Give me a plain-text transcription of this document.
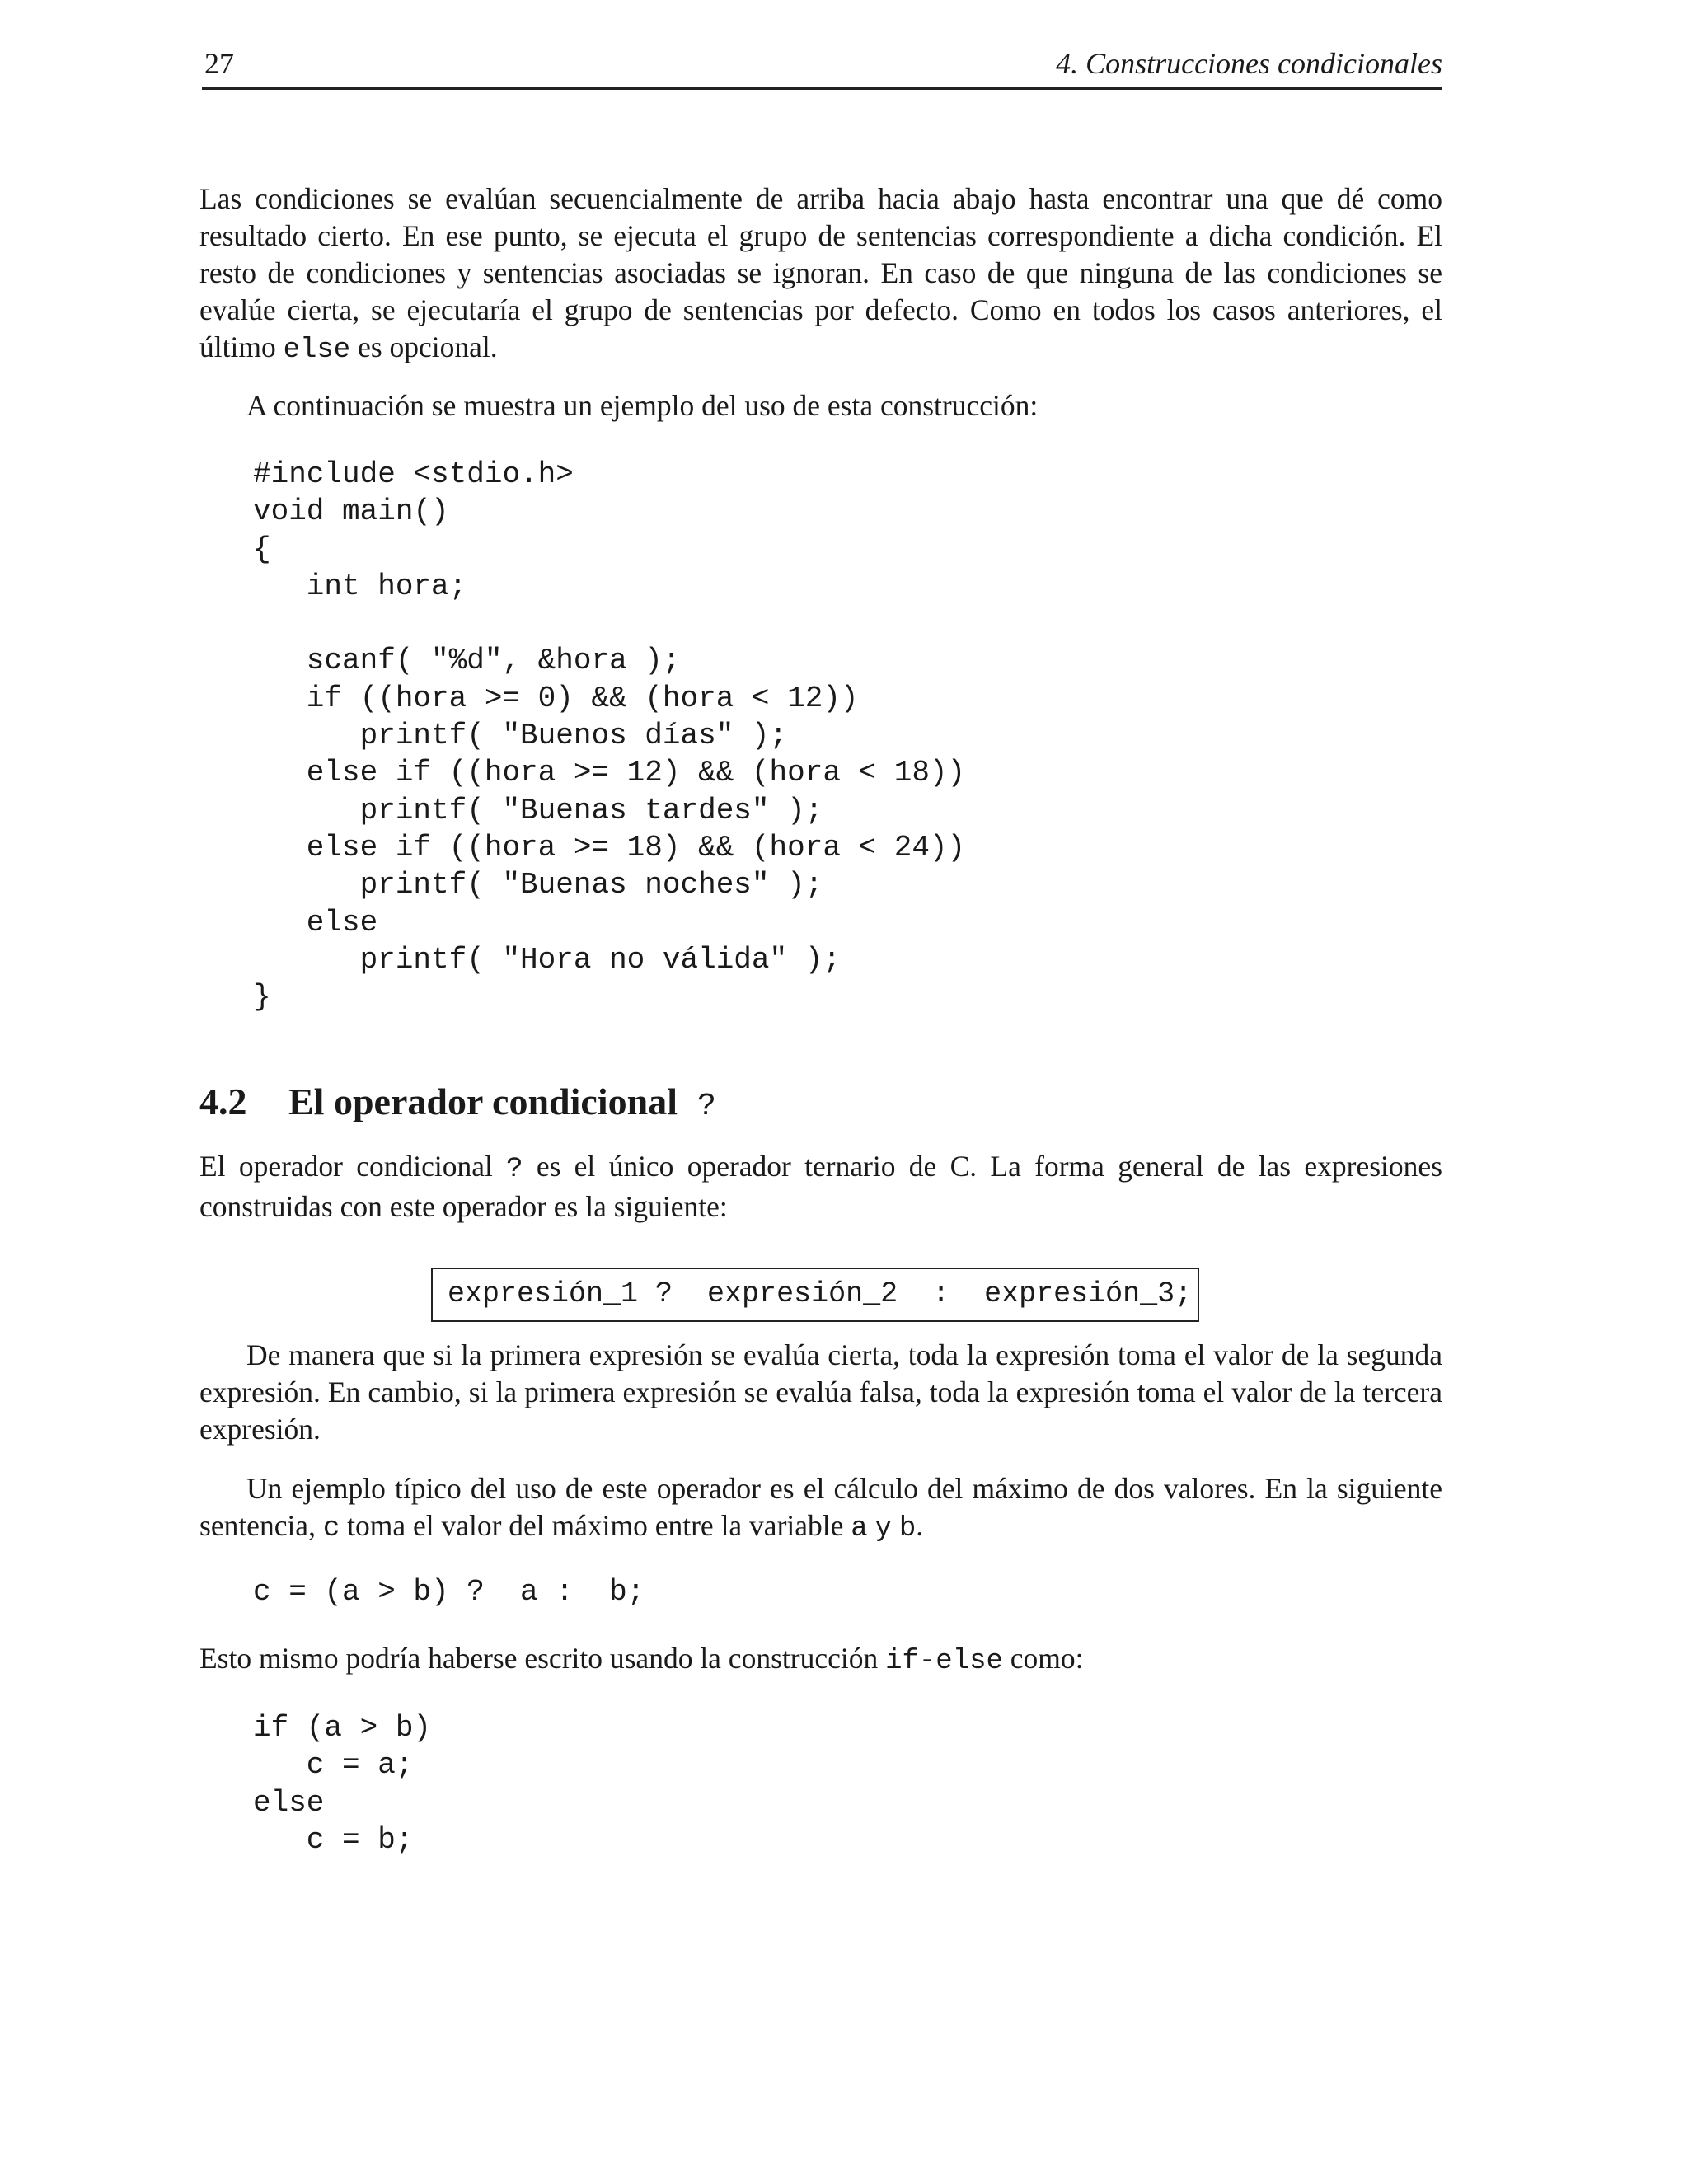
27	4. Construcciones condicionales

Las condiciones se evalúan secuencialmente de arriba hacia abajo hasta encontrar una que dé como resultado cierto. En ese punto, se ejecuta el grupo de sentencias correspondiente a dicha condición. El resto de condiciones y sentencias asociadas se ignoran. En caso de que ninguna de las condiciones se evalúe cierta, se ejecutaría el grupo de sentencias por defecto. Como en todos los casos anteriores, el último else es opcional.

A continuación se muestra un ejemplo del uso de esta construcción:

#include <stdio.h>
void main()
{
int hora;

scanf( "%d", &hora );
if ((hora >= 0) && (hora < 12))
printf( "Buenos días" );
else if ((hora >= 12) && (hora < 18))
printf( "Buenas tardes" );
else if ((hora >= 18) && (hora < 24))
printf( "Buenas noches" );
else
printf( "Hora no válida" );
}
4.2 El operador condicional ?

El operador condicional ? es el único operador ternario de C. La forma general de las expresiones construidas con este operador es la siguiente:

expresión_1 ?  expresión_2  :  expresión_3;

De manera que si la primera expresión se evalúa cierta, toda la expresión toma el valor de la segunda expresión. En cambio, si la primera expresión se evalúa falsa, toda la expresión toma el valor de la tercera expresión.

Un ejemplo típico del uso de este operador es el cálculo del máximo de dos valores. En la siguiente sentencia, c toma el valor del máximo entre la variable a y b.

c = (a > b) ?  a :  b;

Esto mismo podría haberse escrito usando la construcción if-else como:

if (a > b)
c = a;
else
c = b;
